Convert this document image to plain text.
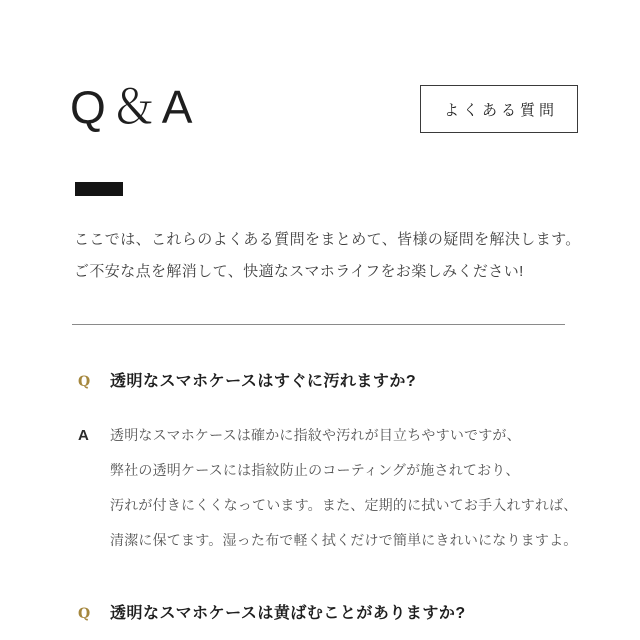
Q＆A	よくある質問

ここでは、これらのよくある質問をまとめて、皆様の疑問を解決します。

ご不安な点を解消して、快適なスマホライフをお楽しみください!

Q 透明なスマホケースはすぐに汚れますか?
A 透明なスマホケースは確かに指紋や汚れが目立ちやすいですが、

弊社の透明ケースには指紋防止のコーティングが施されており、

汚れが付きにくくなっています。また、定期的に拭いてお手入れすれば、

清潔に保てます。湿った布で軽く拭くだけで簡単にきれいになりますよ。

Q 透明なスマホケースは黄ばむことがありますか?
